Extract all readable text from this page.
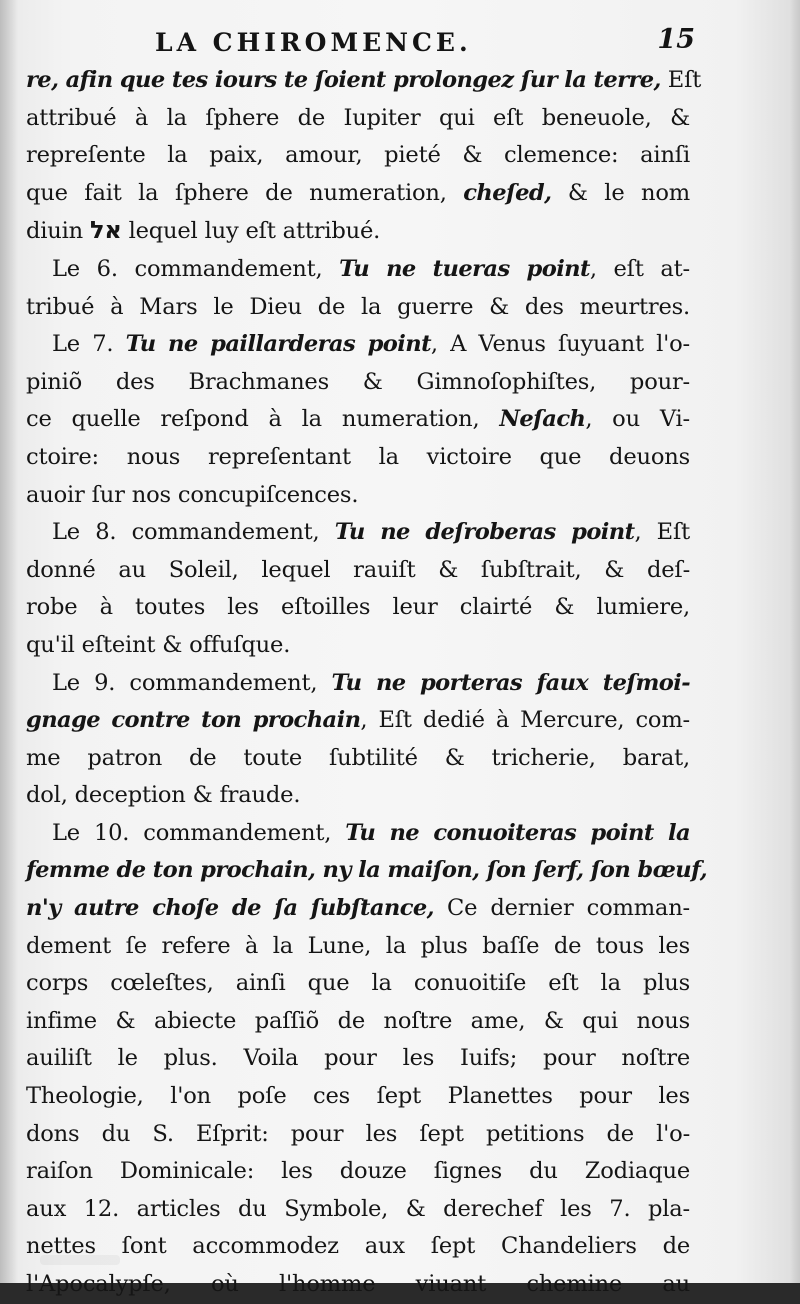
LA CHIROMENCE.	15
re, afin que tes iours te ſoient prolongez ſur la terre, Eſt
attribué à la ſphere de Iupiter qui eſt beneuole, &
repreſente la paix, amour, pieté & clemence: ainſi
que fait la ſphere de numeration, cheſed, & le nom
diuin אל lequel luy eſt attribué.
Le 6. commandement, Tu ne tueras point, eſt at-
tribué à Mars le Dieu de la guerre & des meurtres.
Le 7. Tu ne paillarderas point, A Venus ſuyuant l'o-
piniõ des Brachmanes & Gimnoſophiſtes, pour-
ce quelle reſpond à la numeration, Neſach, ou Vi-
ctoire: nous repreſentant la victoire que deuons
auoir ſur nos concupiſcences.
Le 8. commandement, Tu ne deſroberas point, Eſt
donné au Soleil, lequel rauiſt & ſubſtrait, & deſ-
robe à toutes les eſtoilles leur clairté & lumiere,
qu'il eſteint & offuſque.
Le 9. commandement, Tu ne porteras faux teſmoi-
gnage contre ton prochain, Eſt dedié à Mercure, com-
me patron de toute ſubtilité & tricherie, barat,
dol, deception & fraude.
Le 10. commandement, Tu ne conuoiteras point la
femme de ton prochain, ny la maiſon, ſon ſerf, ſon bœuf,
n'y autre choſe de ſa ſubſtance, Ce dernier comman-
dement ſe refere à la Lune, la plus baſſe de tous les
corps cœleſtes, ainſi que la conuoitiſe eſt la plus
infime & abiecte paſſiõ de noſtre ame, & qui nous
auiliſt le plus. Voila pour les Iuifs; pour noſtre
Theologie, l'on poſe ces ſept Planettes pour les
dons du S. Eſprit: pour les ſept petitions de l'o-
raiſon Dominicale: les douze ſignes du Zodiaque
aux 12. articles du Symbole, & derechef les 7. pla-
nettes ſont accommodez aux ſept Chandeliers de
l'Apocalypſe, où l'homme viuant chemine au
